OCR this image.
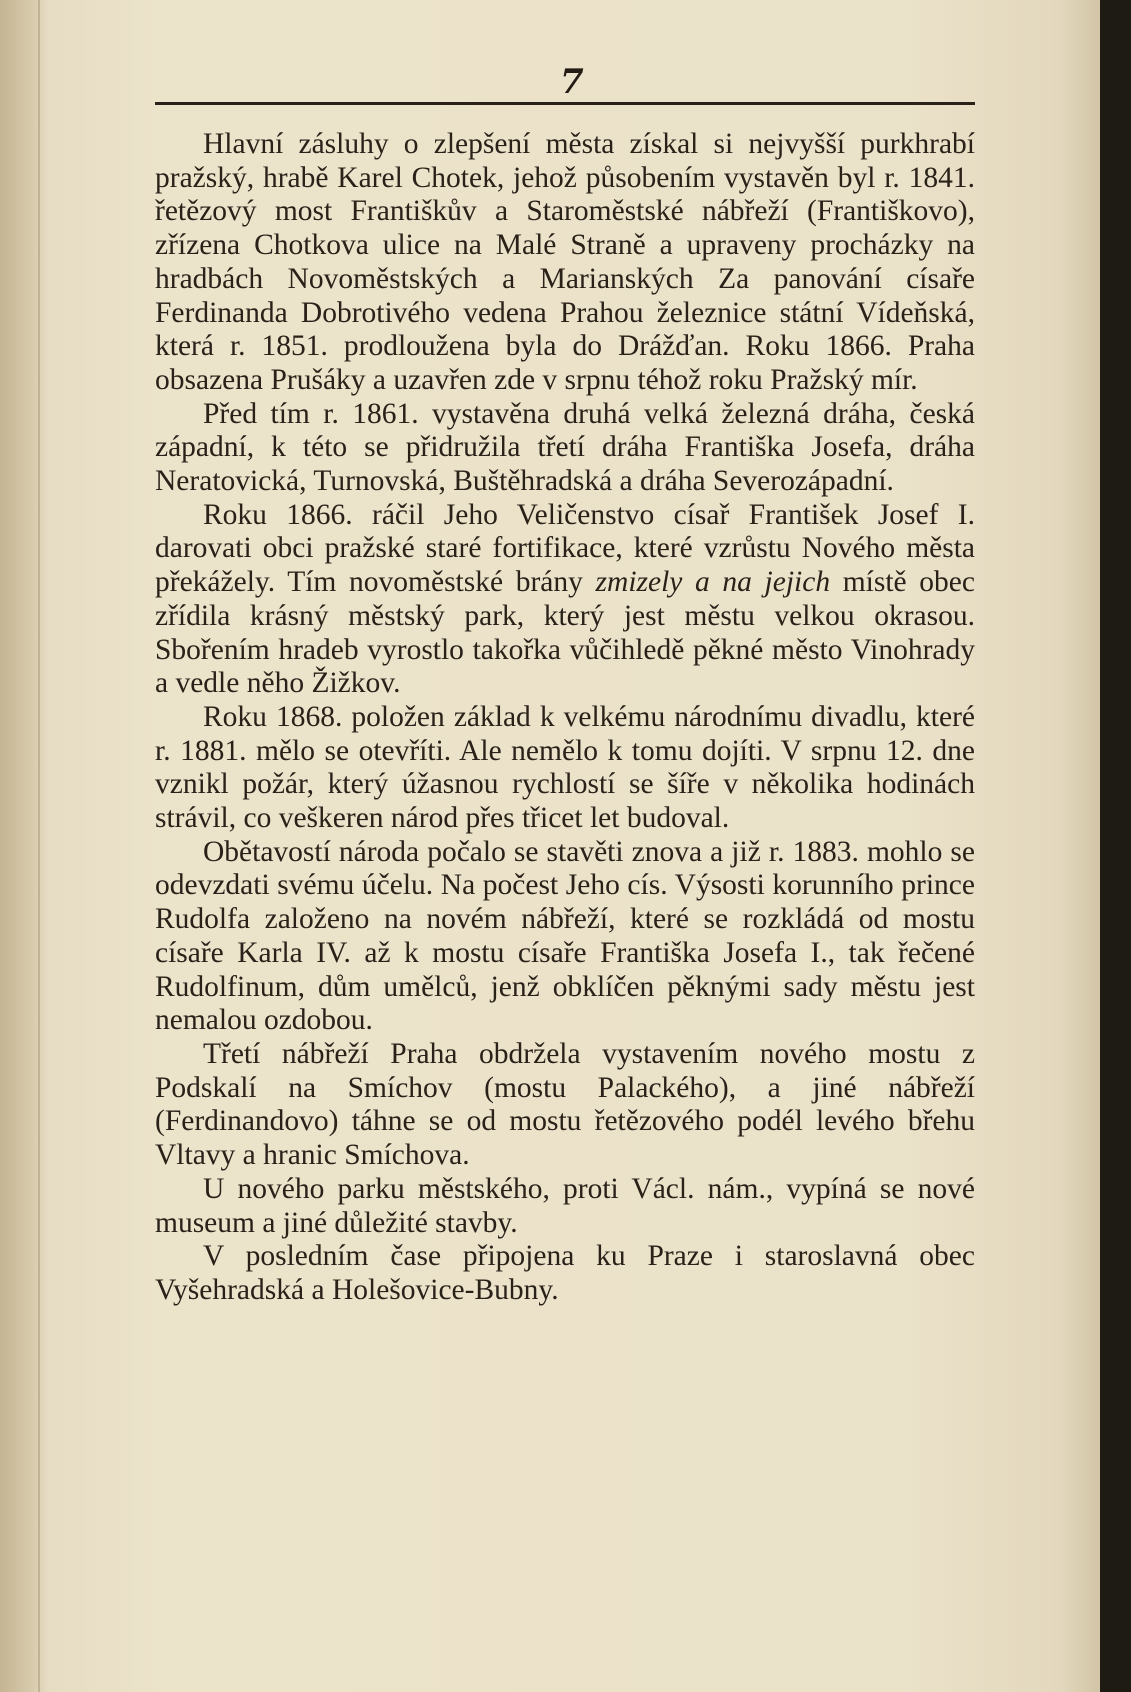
7

Hlavní zásluhy o zlepšení města získal si nejvyšší purkhrabí pražský, hrabě Karel Chotek, jehož působením vystavěn byl r. 1841. řetězový most Františkův a Staroměstské nábřeží (Františkovo), zřízena Chotkova ulice na Malé Straně a upraveny procházky na hradbách Novoměstských a Marianských Za panování císaře Ferdinanda Dobrotivého vedena Prahou železnice státní Vídeňská, která r. 1851. prodloužena byla do Drážďan. Roku 1866. Praha obsazena Prušáky a uzavřen zde v srpnu téhož roku Pražský mír.

Před tím r. 1861. vystavěna druhá velká železná dráha, česká západní, k této se přidružila třetí dráha Františka Josefa, dráha Neratovická, Turnovská, Buštěhradská a dráha Severozápadní.

Roku 1866. ráčil Jeho Veličenstvo císař František Josef I. darovati obci pražské staré fortifikace, které vzrůstu Nového města překážely. Tím novoměstské brány zmizely a na jejich místě obec zřídila krásný městský park, který jest městu velkou okrasou. Sbořením hradeb vyrostlo takořka vůčihledě pěkné město Vinohrady a vedle něho Žižkov.

Roku 1868. položen základ k velkému národnímu divadlu, které r. 1881. mělo se otevříti. Ale nemělo k tomu dojíti. V srpnu 12. dne vznikl požár, který úžasnou rychlostí se šíře v několika hodinách strávil, co veškeren národ přes třicet let budoval.

Obětavostí národa počalo se stavěti znova a již r. 1883. mohlo se odevzdati svému účelu. Na počest Jeho cís. Výsosti korunního prince Rudolfa založeno na novém nábřeží, které se rozkládá od mostu císaře Karla IV. až k mostu císaře Františka Josefa I., tak řečené Rudolfinum, dům umělců, jenž obklíčen pěknými sady městu jest nemalou ozdobou.

Třetí nábřeží Praha obdržela vystavením nového mostu z Podskalí na Smíchov (mostu Palackého), a jiné nábřeží (Ferdinandovo) táhne se od mostu řetězového podél levého břehu Vltavy a hranic Smíchova.

U nového parku městského, proti Václ. nám., vypíná se nové museum a jiné důležité stavby.

V posledním čase připojena ku Praze i staroslavná obec Vyšehradská a Holešovice-Bubny.
